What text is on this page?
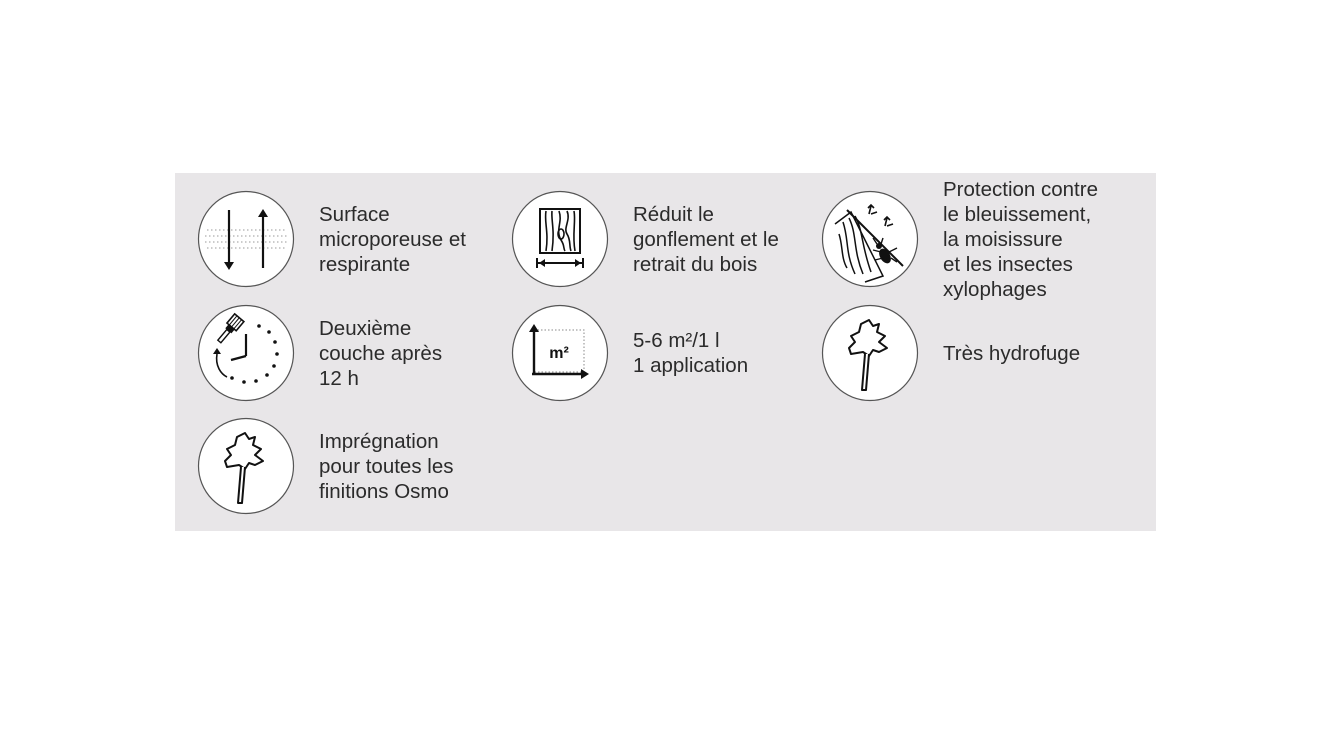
Surface
microporeuse et
respirante
Réduit le
gonflement et le
retrait du bois
Protection contre
le bleuissement,
la moisissure
et les insectes
xylophages
Deuxième
couche après
12 h
m²
5-6 m²/1 l
1 application
Très hydrofuge
Imprégnation
pour toutes les
finitions Osmo
